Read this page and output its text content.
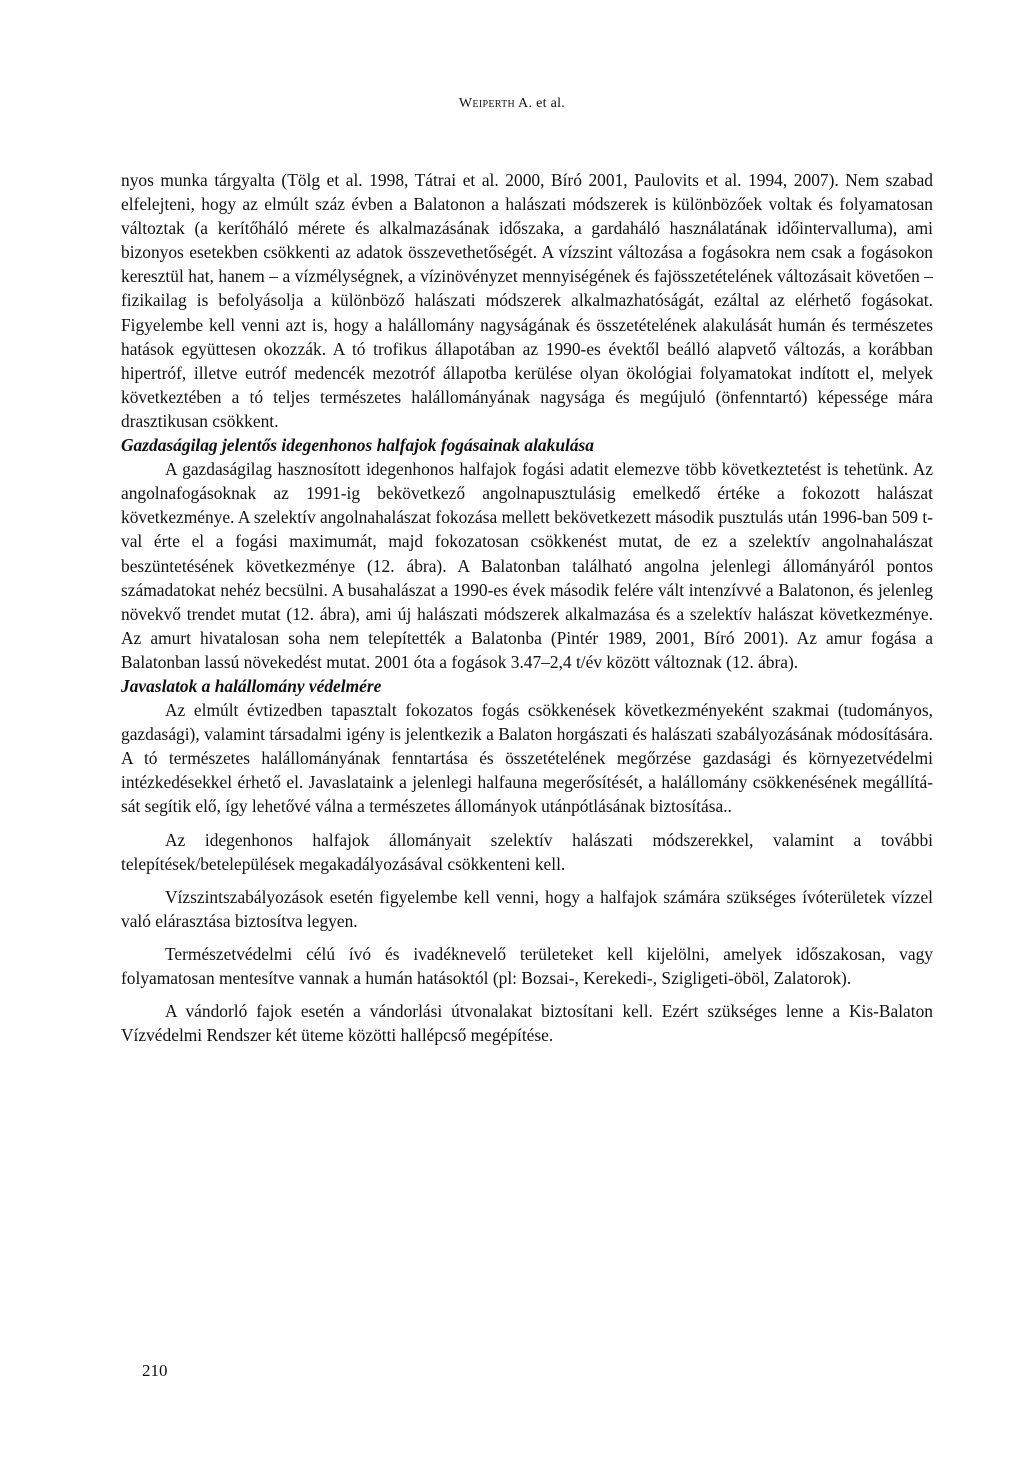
Weiperth A. et al.

nyos munka tárgyalta (Tölg et al. 1998, Tátrai et al. 2000, Bíró 2001, Paulovits et al. 1994, 2007). Nem szabad elfelejteni, hogy az elmúlt száz évben a Balatonon a halászati módszerek is különbözőek voltak és folyamatosan változtak (a kerítőháló mérete és alkalmazásának időszaka, a gardaháló használatának időintervalluma), ami bizonyos esetekben csökkenti az adatok összevethetőségét. A vízszint változása a fogásokra nem csak a fogásokon keresztül hat, hanem – a vízmélységnek, a vízinövényzet mennyiségének és fajösszetételének változásait követően – fizikailag is befolyásolja a különböző halászati módszerek alkalmazhatóságát, ezáltal az elérhető fogásokat. Figyelembe kell venni azt is, hogy a halállomány nagyságának és összetételének alakulását humán és természetes hatások együttesen okozzák. A tó trofikus állapotában az 1990-es évektől beálló alapvető változás, a korábban hipertróf, illetve eutróf medencék mezotróf állapotba kerülése olyan ökológiai folyamatokat indított el, melyek következtében a tó teljes természetes halállományának nagysága és megújuló (önfenntartó) képessége mára drasztikusan csökkent.

Gazdaságilag jelentős idegenhonos halfajok fogásainak alakulása

A gazdaságilag hasznosított idegenhonos halfajok fogási adatit elemezve több következtetést is tehetünk. Az angolnafogásoknak az 1991-ig bekövetkező angolnapusztulásig emelkedő értéke a fokozott halászat következménye. A szelektív angolnahalászat fokozása mellett bekövetkezett második pusztulás után 1996-ban 509 t-val érte el a fogási maximumát, majd fokozatosan csökkenést mutat, de ez a szelektív angolnahalászat beszüntetésének következménye (12. ábra). A Balatonban található angolna jelenlegi állományáról pontos számadatokat nehéz becsülni. A busahalászat a 1990-es évek második felére vált intenzívvé a Balatonon, és jelenleg növekvő trendet mutat (12. ábra), ami új halászati módszerek alkalmazása és a szelektív halászat következménye. Az amurt hivatalosan soha nem telepítették a Balatonba (Pintér 1989, 2001, Bíró 2001). Az amur fogása a Balatonban lassú növekedést mutat. 2001 óta a fogások 3.47–2,4 t/év között változnak (12. ábra).

Javaslatok a halállomány védelmére

Az elmúlt évtizedben tapasztalt fokozatos fogás csökkenések következményeként szakmai (tudományos, gazdasági), valamint társadalmi igény is jelentkezik a Balaton horgászati és halászati szabályozásának módosítására. A tó természetes halállományának fenntartása és összetételének megőrzése gazdasági és környezetvédelmi intézkedésekkel érhető el. Javaslataink a jelenlegi halfauna megerősítését, a halállomány csökkenésének megállítását segítik elő, így lehetővé válna a természetes állományok utánpótlásának biztosítása..

Az idegenhonos halfajok állományait szelektív halászati módszerekkel, valamint a további telepítések/betelepülések megakadályozásával csökkenteni kell.

Vízszintszabályozások esetén figyelembe kell venni, hogy a halfajok számára szükséges ívóterületek vízzel való elárasztása biztosítva legyen.

Természetvédelmi célú ívó és ivadéknevelő területeket kell kijelölni, amelyek időszakosan, vagy folyamatosan mentesítve vannak a humán hatásoktól (pl: Bozsai-, Kerekedi-, Szigligeti-öböl, Zalatorok).

A vándorló fajok esetén a vándorlási útvonalakat biztosítani kell. Ezért szükséges lenne a Kis-Balaton Vízvédelmi Rendszer két üteme közötti hallépcső megépítése.

210
